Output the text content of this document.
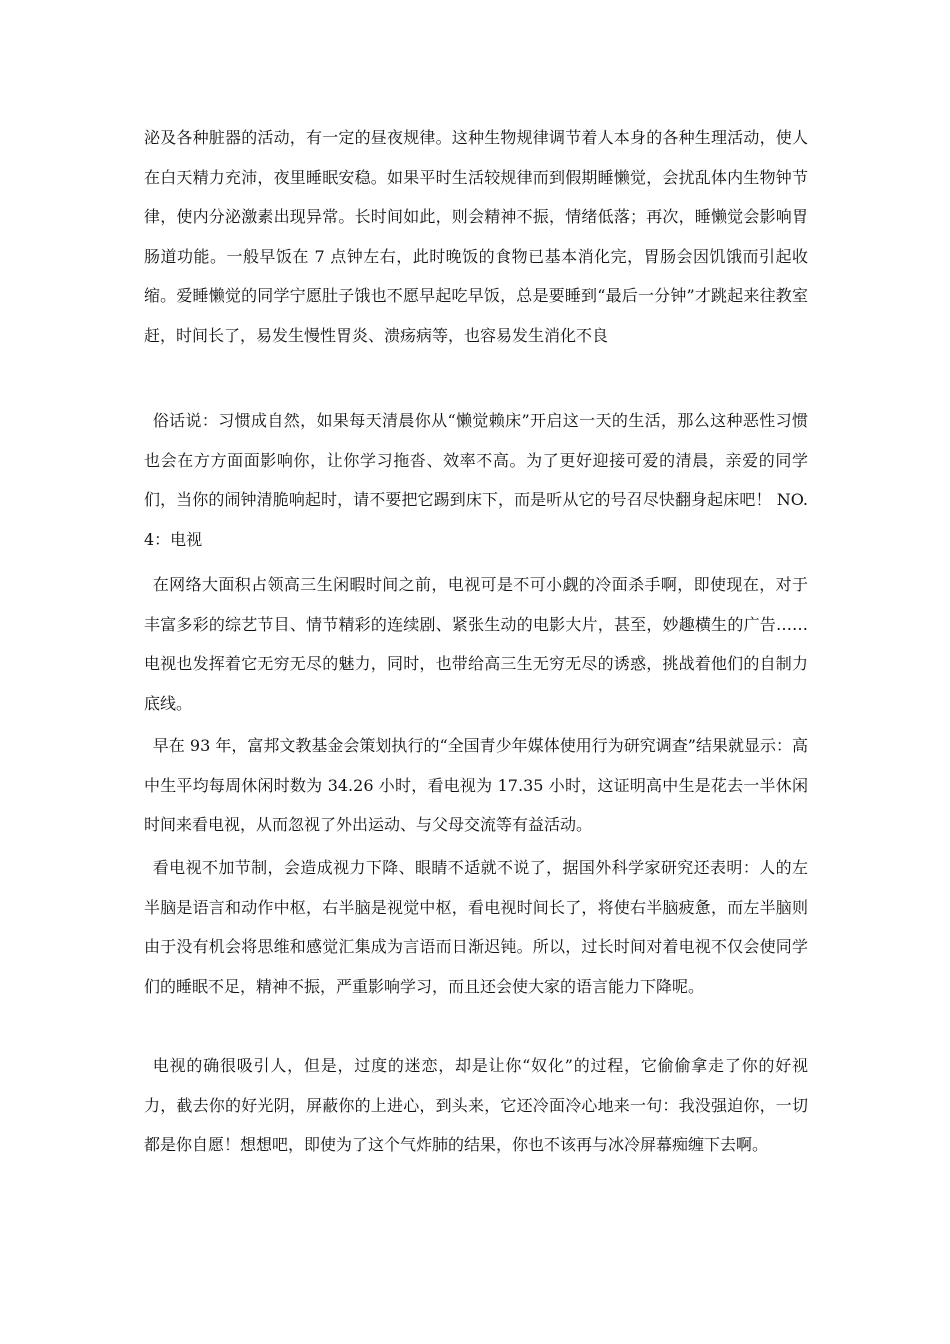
泌及各种脏器的活动，有一定的昼夜规律。这种生物规律调节着人本身的各种生理活动，使人在白天精力充沛，夜里睡眠安稳。如果平时生活较规律而到假期睡懒觉，会扰乱体内生物钟节律，使内分泌激素出现异常。长时间如此，则会精神不振，情绪低落；再次，睡懒觉会影响胃肠道功能。一般早饭在 7 点钟左右，此时晚饭的食物已基本消化完，胃肠会因饥饿而引起收缩。爱睡懒觉的同学宁愿肚子饿也不愿早起吃早饭，总是要睡到“最后一分钟”才跳起来往教室赶，时间长了，易发生慢性胃炎、溃疡病等，也容易发生消化不良

俗话说：习惯成自然，如果每天清晨你从“懒觉赖床”开启这一天的生活，那么这种恶性习惯也会在方方面面影响你，让你学习拖沓、效率不高。为了更好迎接可爱的清晨，亲爱的同学们，当你的闹钟清脆响起时，请不要把它踢到床下，而是听从它的号召尽快翻身起床吧！ NO.4：电视

在网络大面积占领高三生闲暇时间之前，电视可是不可小觑的冷面杀手啊，即使现在，对于丰富多彩的综艺节目、情节精彩的连续剧、紧张生动的电影大片，甚至，妙趣横生的广告……电视也发挥着它无穷无尽的魅力，同时，也带给高三生无穷无尽的诱惑，挑战着他们的自制力底线。

早在 93 年，富邦文教基金会策划执行的“全国青少年媒体使用行为研究调查”结果就显示：高中生平均每周休闲时数为 34.26 小时，看电视为 17.35 小时，这证明高中生是花去一半休闲时间来看电视，从而忽视了外出运动、与父母交流等有益活动。

看电视不加节制，会造成视力下降、眼睛不适就不说了，据国外科学家研究还表明：人的左半脑是语言和动作中枢，右半脑是视觉中枢，看电视时间长了，将使右半脑疲惫，而左半脑则由于没有机会将思维和感觉汇集成为言语而日渐迟钝。所以，过长时间对着电视不仅会使同学们的睡眠不足，精神不振，严重影响学习，而且还会使大家的语言能力下降呢。

电视的确很吸引人，但是，过度的迷恋，却是让你“奴化”的过程，它偷偷拿走了你的好视力，截去你的好光阴，屏蔽你的上进心，到头来，它还冷面冷心地来一句：我没强迫你，一切都是你自愿！想想吧，即使为了这个气炸肺的结果，你也不该再与冰冷屏幕痴缠下去啊。
